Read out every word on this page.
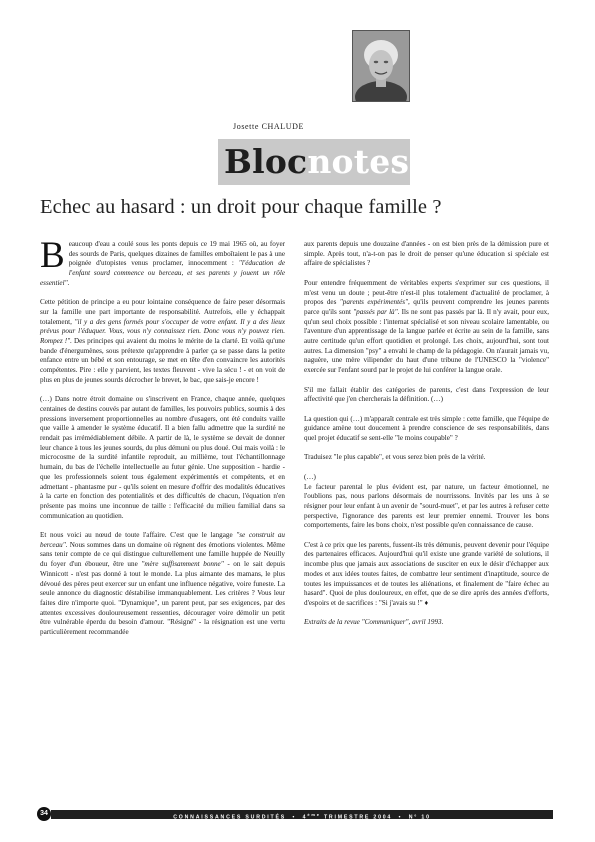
Josette CHALUDE
Blocnotes
Echec au hasard : un droit pour chaque famille ?

Beaucoup d'eau a coulé sous les ponts depuis ce 19 mai 1965 où, au foyer des sourds de Paris, quelques dizaines de familles emboîtaient le pas à une poignée d'utopistes venus proclamer, innocemment : "l'éducation de l'enfant sourd commence ou berceau, et ses parents y jouent un rôle essentiel".

Cette pétition de principe a eu pour lointaine conséquence de faire peser désormais sur la famille une part importante de responsabilité. Autrefois, elle y échappait totalement, "il y a des gens formés pour s'occuper de votre enfant. Il y a des lieux prévus pour l'éduquer. Vous, vous n'y connaissez rien. Donc vous n'y pouvez rien. Rompez !". Des principes qui avaient du moins le mérite de la clarté. Et voilà qu'une bande d'énergumènes, sous prétexte qu'apprendre à parler ça se passe dans la petite enfance entre un bébé et son entourage, se met en tête d'en convaincre les autorités compétentes. Pire : elle y parvient, les textes fleuvent - vive la sécu ! - et on voit de plus en plus de jeunes sourds décrocher le brevet, le bac, que sais-je encore !

(…) Dans notre étroit domaine ou s'inscrivent en France, chaque année, quelques centaines de destins couvés par autant de familles, les pouvoirs publics, soumis à des pressions inversement proportionnelles au nombre d'usagers, ont été conduits vaille que vaille à amender le système éducatif. Il a bien fallu admettre que la surdité ne rendait pas irrémédiablement débile. A partir de là, le système se devait de donner leur chance à tous les jeunes sourds, du plus démuni ou plus doué. Oui mais voilà : le microcosme de la surdité infantile reproduit, au millième, tout l'échantillonnage humain, du bas de l'échelle intellectuelle au futur génie. Une supposition - hardie - que les professionnels soient tous également expérimentés et compétents, et en admettant - phantasme pur - qu'ils soient en mesure d'offrir des modalités éducatives à la carte en fonction des potentialités et des difficultés de chacun, l'équation n'en présente pas moins une inconnue de taille : l'efficacité du milieu familial dans sa communication au quotidien.

Et nous voici au nœud de toute l'affaire. C'est que le langage "se construit au berceau". Nous sommes dans un domaine où règnent des émotions violentes. Même sans tenir compte de ce qui distingue culturellement une famille huppée de Neuilly du foyer d'un éboueur, être une "mère suffisamment bonne" - on le sait depuis Winnicott - n'est pas donné à tout le monde. La plus aimante des mamans, le plus dévoué des pères peut exercer sur un enfant une influence négative, voire funeste. La seule annonce du diagnostic déstabilise immanquablement. Les critères ? Vous leur faites dire n'importe quoi. "Dynamique", un parent peut, par ses exigences, par des attentes excessives douloureusement ressenties, décourager voire démolir un petit être vulnérable éperdu du besoin d'amour. "Résigné" - la résignation est une vertu particulièrement recommandée

aux parents depuis une douzaine d'années - on est bien près de la démission pure et simple. Après tout, n'a-t-on pas le droit de penser qu'une éducation si spéciale est affaire de spécialistes ?

Pour entendre fréquemment de véritables experts s'exprimer sur ces questions, il m'est venu un doute ; peut-être n'est-il plus totalement d'actualité de proclamer, à propos des "parents expérimentés", qu'ils peuvent comprendre les jeunes parents parce qu'ils sont "passés par là". Ils ne sont pas passés par là. Il n'y avait, pour eux, qu'un seul choix possible : l'internat spécialisé et son niveau scolaire lamentable, ou l'aventure d'un apprentissage de la langue parlée et écrite au sein de la famille, sans autre certitude qu'un effort quotidien et prolongé. Les choix, aujourd'hui, sont tout autres. La dimension "psy" a envahi le champ de la pédagogie. On n'aurait jamais vu, naguère, une mère vilipender du haut d'une tribune de l'UNESCO la "violence" exercée sur l'enfant sourd par le projet de lui conférer la langue orale.

S'il me fallait établir des catégories de parents, c'est dans l'expression de leur affectivité que j'en chercherais la définition. (…)

La question qui (…) m'apparaît centrale est très simple : cette famille, que l'équipe de guidance amène tout doucement à prendre conscience de ses responsabilités, dans quel projet éducatif se sent-elle "le moins coupable" ?

Traduisez "le plus capable", et vous serez bien près de la vérité.

(…)
Le facteur parental le plus évident est, par nature, un facteur émotionnel, ne l'oublions pas, nous parlons désormais de nourrissons. Invités par les uns à se résigner pour leur enfant à un avenir de "sourd-muet", et par les autres à refuser cette perspective, l'ignorance des parents est leur premier ennemi. Trouver les bons comportements, faire les bons choix, n'est possible qu'en connaissance de cause.

C'est à ce prix que les parents, fussent-ils très démunis, peuvent devenir pour l'équipe des partenaires efficaces. Aujourd'hui qu'il existe une grande variété de solutions, il incombe plus que jamais aux associations de susciter en eux le désir d'échapper aux modes et aux idées toutes faites, de combattre leur sentiment d'inaptitude, source de toutes les impuissances et de toutes les aliénations, et finalement de "faire échec au hasard". Quoi de plus douloureux, en effet, que de se dire après des années d'efforts, d'espoirs et de sacrifices : "Si j'avais su !" ♦

Extraits de la revue "Communiquer", avril 1993.

34
CONNAISSANCES SURDITÉS • 4ème TRIMESTRE 2004 • N° 10
